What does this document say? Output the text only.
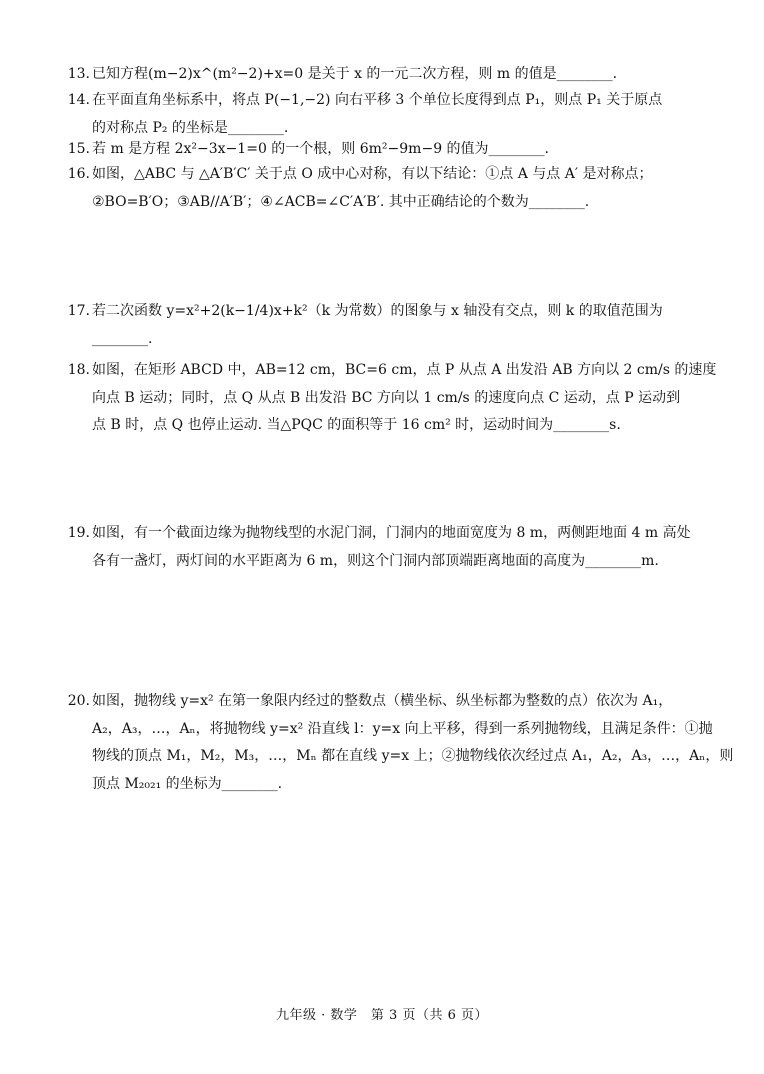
13. 已知方程(m−2)x^(m²−2)+x=0 是关于 x 的一元二次方程，则 m 的值是________.
14. 在平面直角坐标系中，将点 P(−1,−2) 向右平移 3 个单位长度得到点 P₁，则点 P₁ 关于原点
的对称点 P₂ 的坐标是________.
15. 若 m 是方程 2x²−3x−1=0 的一个根，则 6m²−9m−9 的值为________.
16. 如图，△ABC 与 △A′B′C′ 关于点 O 成中心对称，有以下结论：①点 A 与点 A′ 是对称点；
②BO=B′O；③AB//A′B′；④∠ACB=∠C′A′B′. 其中正确结论的个数为________.
17. 若二次函数 y=x²+2(k−1/4)x+k²（k 为常数）的图象与 x 轴没有交点，则 k 的取值范围为
________.
18. 如图，在矩形 ABCD 中，AB=12 cm，BC=6 cm，点 P 从点 A 出发沿 AB 方向以 2 cm/s 的速度
向点 B 运动；同时，点 Q 从点 B 出发沿 BC 方向以 1 cm/s 的速度向点 C 运动，点 P 运动到
点 B 时，点 Q 也停止运动. 当△PQC 的面积等于 16 cm² 时，运动时间为________s.
19. 如图，有一个截面边缘为抛物线型的水泥门洞，门洞内的地面宽度为 8 m，两侧距地面 4 m 高处
各有一盏灯，两灯间的水平距离为 6 m，则这个门洞内部顶端距离地面的高度为________m.
20. 如图，抛物线 y=x² 在第一象限内经过的整数点（横坐标、纵坐标都为整数的点）依次为 A₁，
A₂，A₃，…，Aₙ，将抛物线 y=x² 沿直线 l：y=x 向上平移，得到一系列抛物线，且满足条件：①抛
物线的顶点 M₁，M₂，M₃，…，Mₙ 都在直线 y=x 上；②抛物线依次经过点 A₁，A₂，A₃，…，Aₙ，则
顶点 M₂₀₂₁ 的坐标为________.
九年级 · 数学　第 3 页（共 6 页）
